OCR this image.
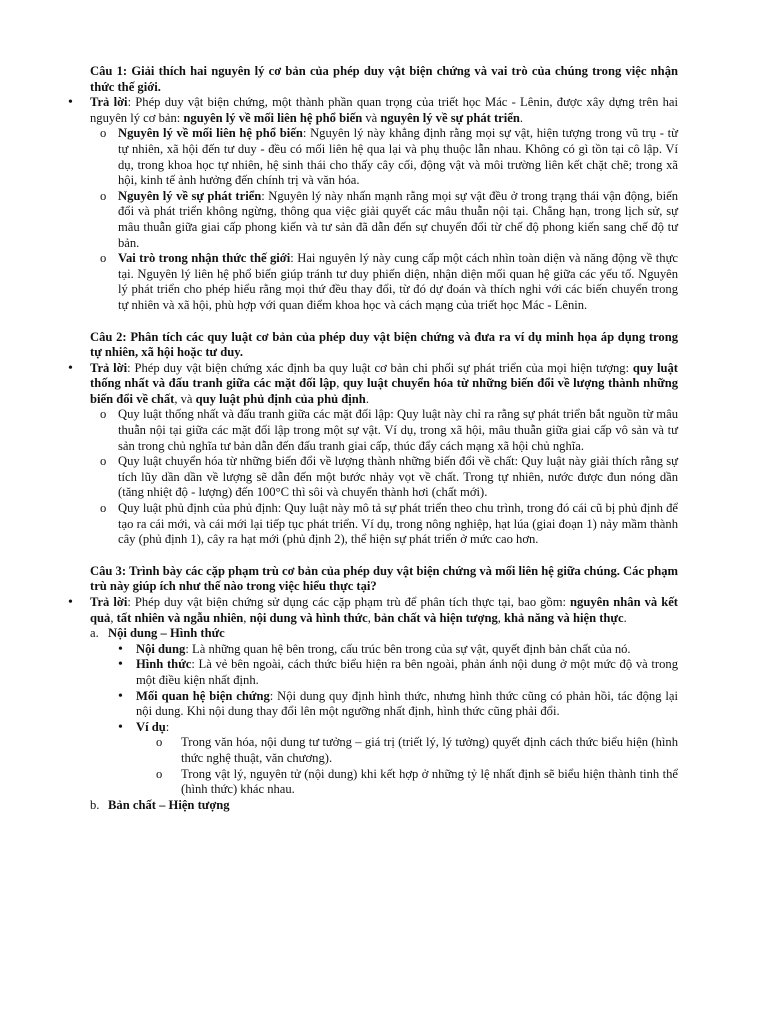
Câu 1: Giải thích hai nguyên lý cơ bản của phép duy vật biện chứng và vai trò của chúng trong việc nhận thức thế giới.

• Trả lời: Phép duy vật biện chứng, một thành phần quan trọng của triết học Mác - Lênin, được xây dựng trên hai nguyên lý cơ bản: nguyên lý về mối liên hệ phổ biến và nguyên lý về sự phát triển.

o Nguyên lý về mối liên hệ phổ biến: Nguyên lý này khẳng định rằng mọi sự vật, hiện tượng trong vũ trụ - từ tự nhiên, xã hội đến tư duy - đều có mối liên hệ qua lại và phụ thuộc lẫn nhau. Không có gì tồn tại cô lập. Ví dụ, trong khoa học tự nhiên, hệ sinh thái cho thấy cây cối, động vật và môi trường liên kết chặt chẽ; trong xã hội, kinh tế ảnh hưởng đến chính trị và văn hóa.

o Nguyên lý về sự phát triển: Nguyên lý này nhấn mạnh rằng mọi sự vật đều ở trong trạng thái vận động, biến đổi và phát triển không ngừng, thông qua việc giải quyết các mâu thuẫn nội tại. Chẳng hạn, trong lịch sử, sự mâu thuẫn giữa giai cấp phong kiến và tư sản đã dẫn đến sự chuyển đổi từ chế độ phong kiến sang chế độ tư bản.

o Vai trò trong nhận thức thế giới: Hai nguyên lý này cung cấp một cách nhìn toàn diện và năng động về thực tại. Nguyên lý liên hệ phổ biến giúp tránh tư duy phiến diện, nhận diện mối quan hệ giữa các yếu tố. Nguyên lý phát triển cho phép hiểu rằng mọi thứ đều thay đổi, từ đó dự đoán và thích nghi với các biến chuyển trong tự nhiên và xã hội, phù hợp với quan điểm khoa học và cách mạng của triết học Mác - Lênin.

Câu 2: Phân tích các quy luật cơ bản của phép duy vật biện chứng và đưa ra ví dụ minh họa áp dụng trong tự nhiên, xã hội hoặc tư duy.

• Trả lời: Phép duy vật biện chứng xác định ba quy luật cơ bản chi phối sự phát triển của mọi hiện tượng: quy luật thống nhất và đấu tranh giữa các mặt đối lập, quy luật chuyển hóa từ những biến đổi về lượng thành những biến đổi về chất, và quy luật phủ định của phủ định.

o Quy luật thống nhất và đấu tranh giữa các mặt đối lập: Quy luật này chỉ ra rằng sự phát triển bắt nguồn từ mâu thuẫn nội tại giữa các mặt đối lập trong một sự vật. Ví dụ, trong xã hội, mâu thuẫn giữa giai cấp vô sản và tư sản trong chủ nghĩa tư bản dẫn đến đấu tranh giai cấp, thúc đẩy cách mạng xã hội chủ nghĩa.

o Quy luật chuyển hóa từ những biến đổi về lượng thành những biến đổi về chất: Quy luật này giải thích rằng sự tích lũy dần dần về lượng sẽ dẫn đến một bước nhảy vọt về chất. Trong tự nhiên, nước được đun nóng dần (tăng nhiệt độ - lượng) đến 100°C thì sôi và chuyển thành hơi (chất mới).

o Quy luật phủ định của phủ định: Quy luật này mô tả sự phát triển theo chu trình, trong đó cái cũ bị phủ định để tạo ra cái mới, và cái mới lại tiếp tục phát triển. Ví dụ, trong nông nghiệp, hạt lúa (giai đoạn 1) nảy mầm thành cây (phủ định 1), cây ra hạt mới (phủ định 2), thể hiện sự phát triển ở mức cao hơn.

Câu 3: Trình bày các cặp phạm trù cơ bản của phép duy vật biện chứng và mối liên hệ giữa chúng. Các phạm trù này giúp ích như thế nào trong việc hiểu thực tại?

• Trả lời: Phép duy vật biện chứng sử dụng các cặp phạm trù để phân tích thực tại, bao gồm: nguyên nhân và kết quả, tất nhiên và ngẫu nhiên, nội dung và hình thức, bản chất và hiện tượng, khả năng và hiện thực.

a. Nội dung – Hình thức

• Nội dung: Là những quan hệ bên trong, cấu trúc bên trong của sự vật, quyết định bản chất của nó.

• Hình thức: Là vẻ bên ngoài, cách thức biểu hiện ra bên ngoài, phản ánh nội dung ở một mức độ và trong một điều kiện nhất định.

• Mối quan hệ biện chứng: Nội dung quy định hình thức, nhưng hình thức cũng có phản hồi, tác động lại nội dung. Khi nội dung thay đổi lên một ngưỡng nhất định, hình thức cũng phải đổi.

• Ví dụ:

o Trong văn hóa, nội dung tư tưởng – giá trị (triết lý, lý tưởng) quyết định cách thức biểu hiện (hình thức nghệ thuật, văn chương).

o Trong vật lý, nguyên tử (nội dung) khi kết hợp ở những tỷ lệ nhất định sẽ biểu hiện thành tinh thể (hình thức) khác nhau.

b. Bản chất – Hiện tượng
